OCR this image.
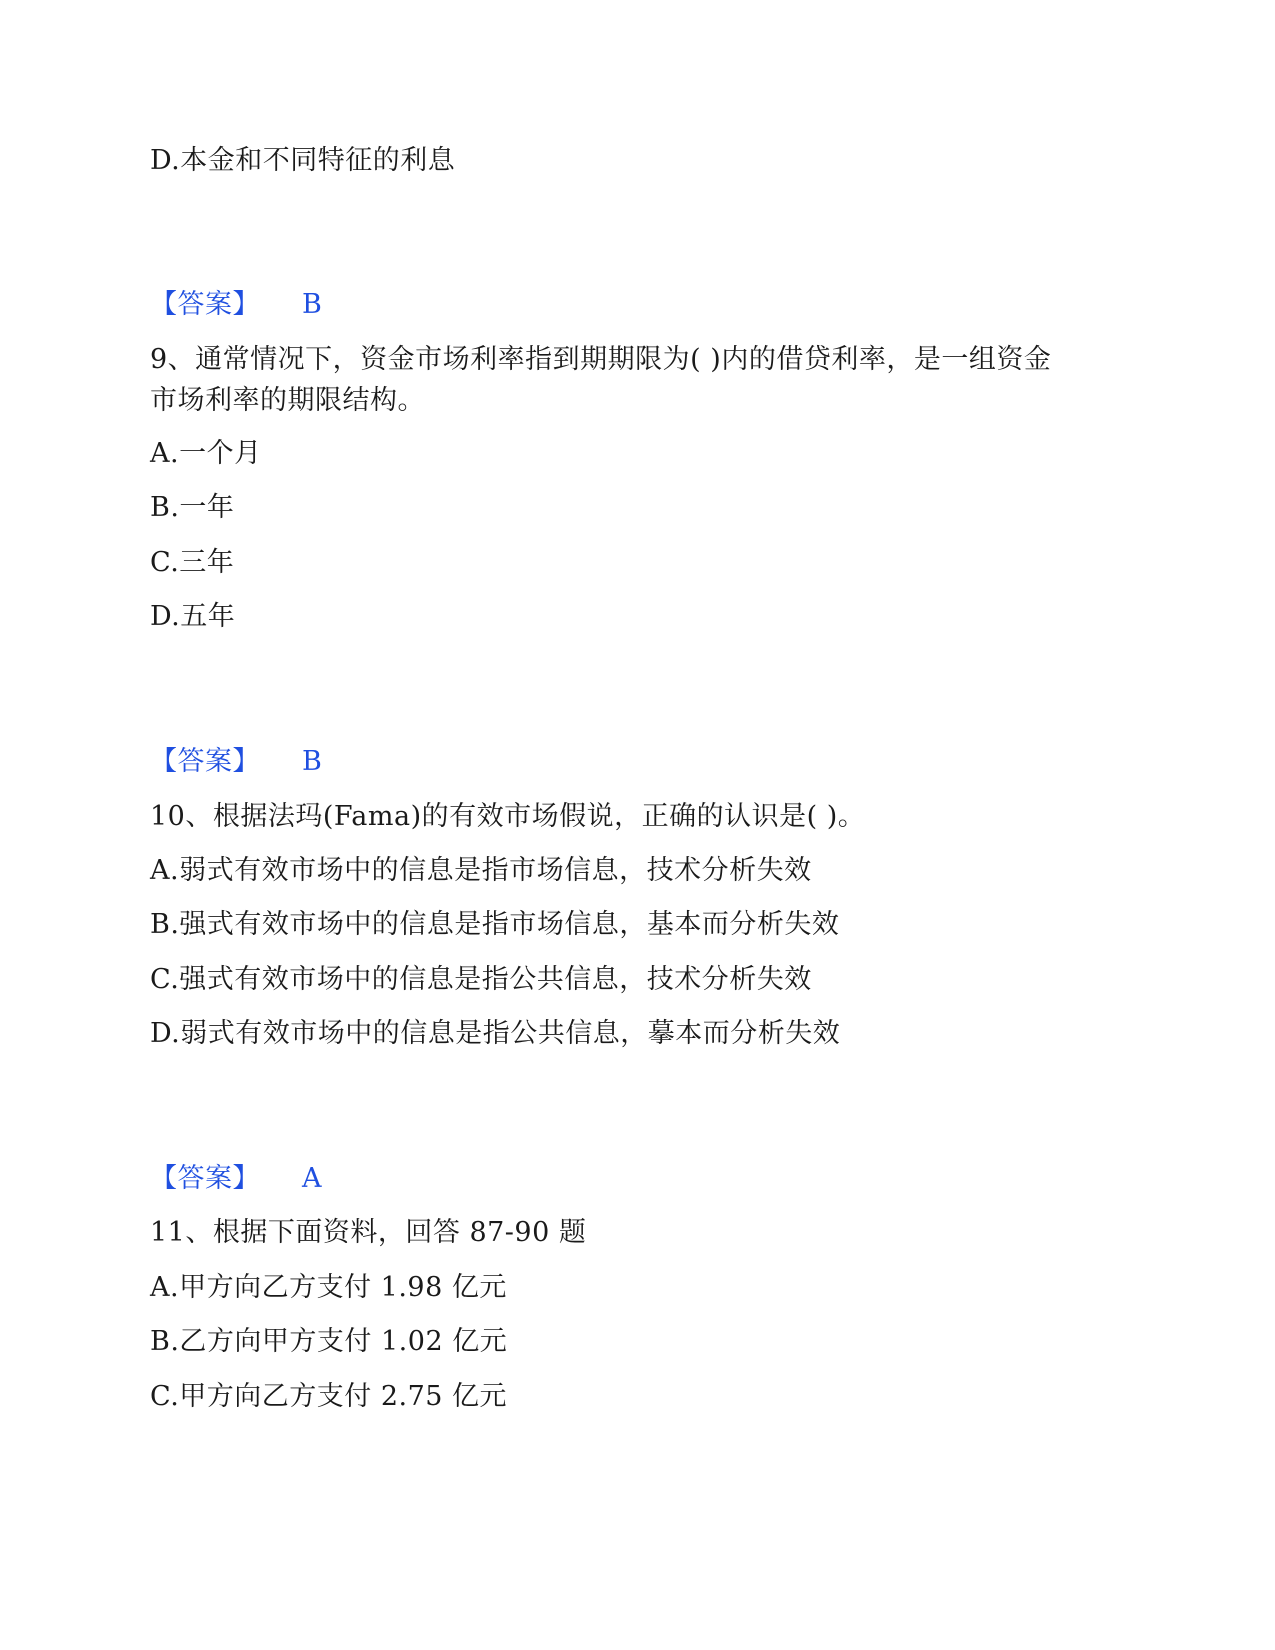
D.本金和不同特征的利息
【答案】 B
9、通常情况下，资金市场利率指到期期限为( )内的借贷利率，是一组资金
市场利率的期限结构。
A.一个月
B.一年
C.三年
D.五年
【答案】 B
10、根据法玛(Fama)的有效市场假说，正确的认识是( )。
A.弱式有效市场中的信息是指市场信息，技术分析失效
B.强式有效市场中的信息是指市场信息，基本而分析失效
C.强式有效市场中的信息是指公共信息，技术分析失效
D.弱式有效市场中的信息是指公共信息，摹本而分析失效
【答案】 A
11、根据下面资料，回答 87-90 题
A.甲方向乙方支付 1.98 亿元
B.乙方向甲方支付 1.02 亿元
C.甲方向乙方支付 2.75 亿元
